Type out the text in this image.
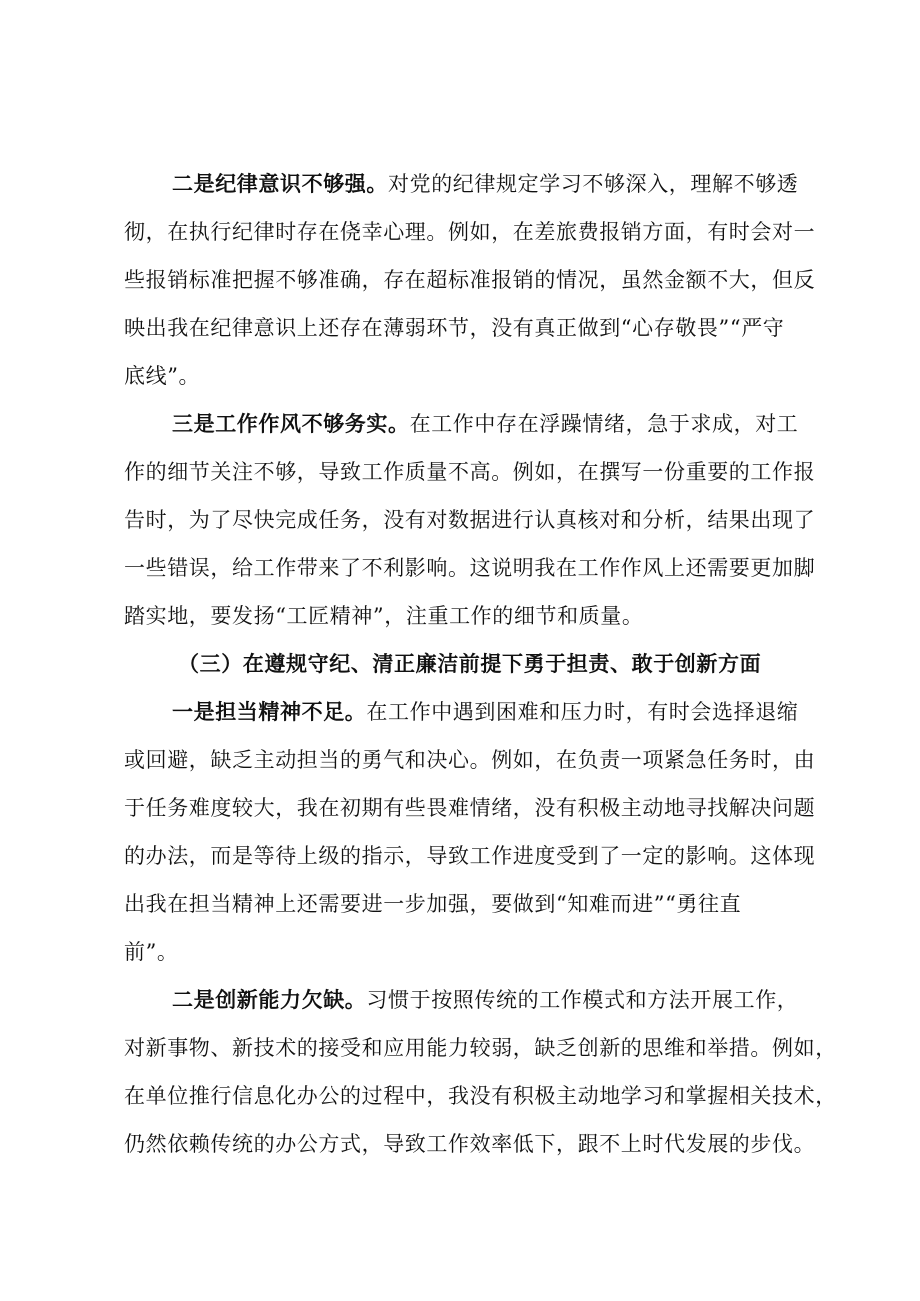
二是纪律意识不够强。对党的纪律规定学习不够深入，理解不够透
彻，在执行纪律时存在侥幸心理。例如，在差旅费报销方面，有时会对一
些报销标准把握不够准确，存在超标准报销的情况，虽然金额不大，但反
映出我在纪律意识上还存在薄弱环节，没有真正做到“心存敬畏”“严守
底线”。
三是工作作风不够务实。在工作中存在浮躁情绪，急于求成，对工
作的细节关注不够，导致工作质量不高。例如，在撰写一份重要的工作报
告时，为了尽快完成任务，没有对数据进行认真核对和分析，结果出现了
一些错误，给工作带来了不利影响。这说明我在工作作风上还需要更加脚
踏实地，要发扬“工匠精神”，注重工作的细节和质量。
（三）在遵规守纪、清正廉洁前提下勇于担责、敢于创新方面
一是担当精神不足。在工作中遇到困难和压力时，有时会选择退缩
或回避，缺乏主动担当的勇气和决心。例如，在负责一项紧急任务时，由
于任务难度较大，我在初期有些畏难情绪，没有积极主动地寻找解决问题
的办法，而是等待上级的指示，导致工作进度受到了一定的影响。这体现
出我在担当精神上还需要进一步加强，要做到“知难而进”“勇往直
前”。
二是创新能力欠缺。习惯于按照传统的工作模式和方法开展工作，
对新事物、新技术的接受和应用能力较弱，缺乏创新的思维和举措。例如，
在单位推行信息化办公的过程中，我没有积极主动地学习和掌握相关技术，
仍然依赖传统的办公方式，导致工作效率低下，跟不上时代发展的步伐。
